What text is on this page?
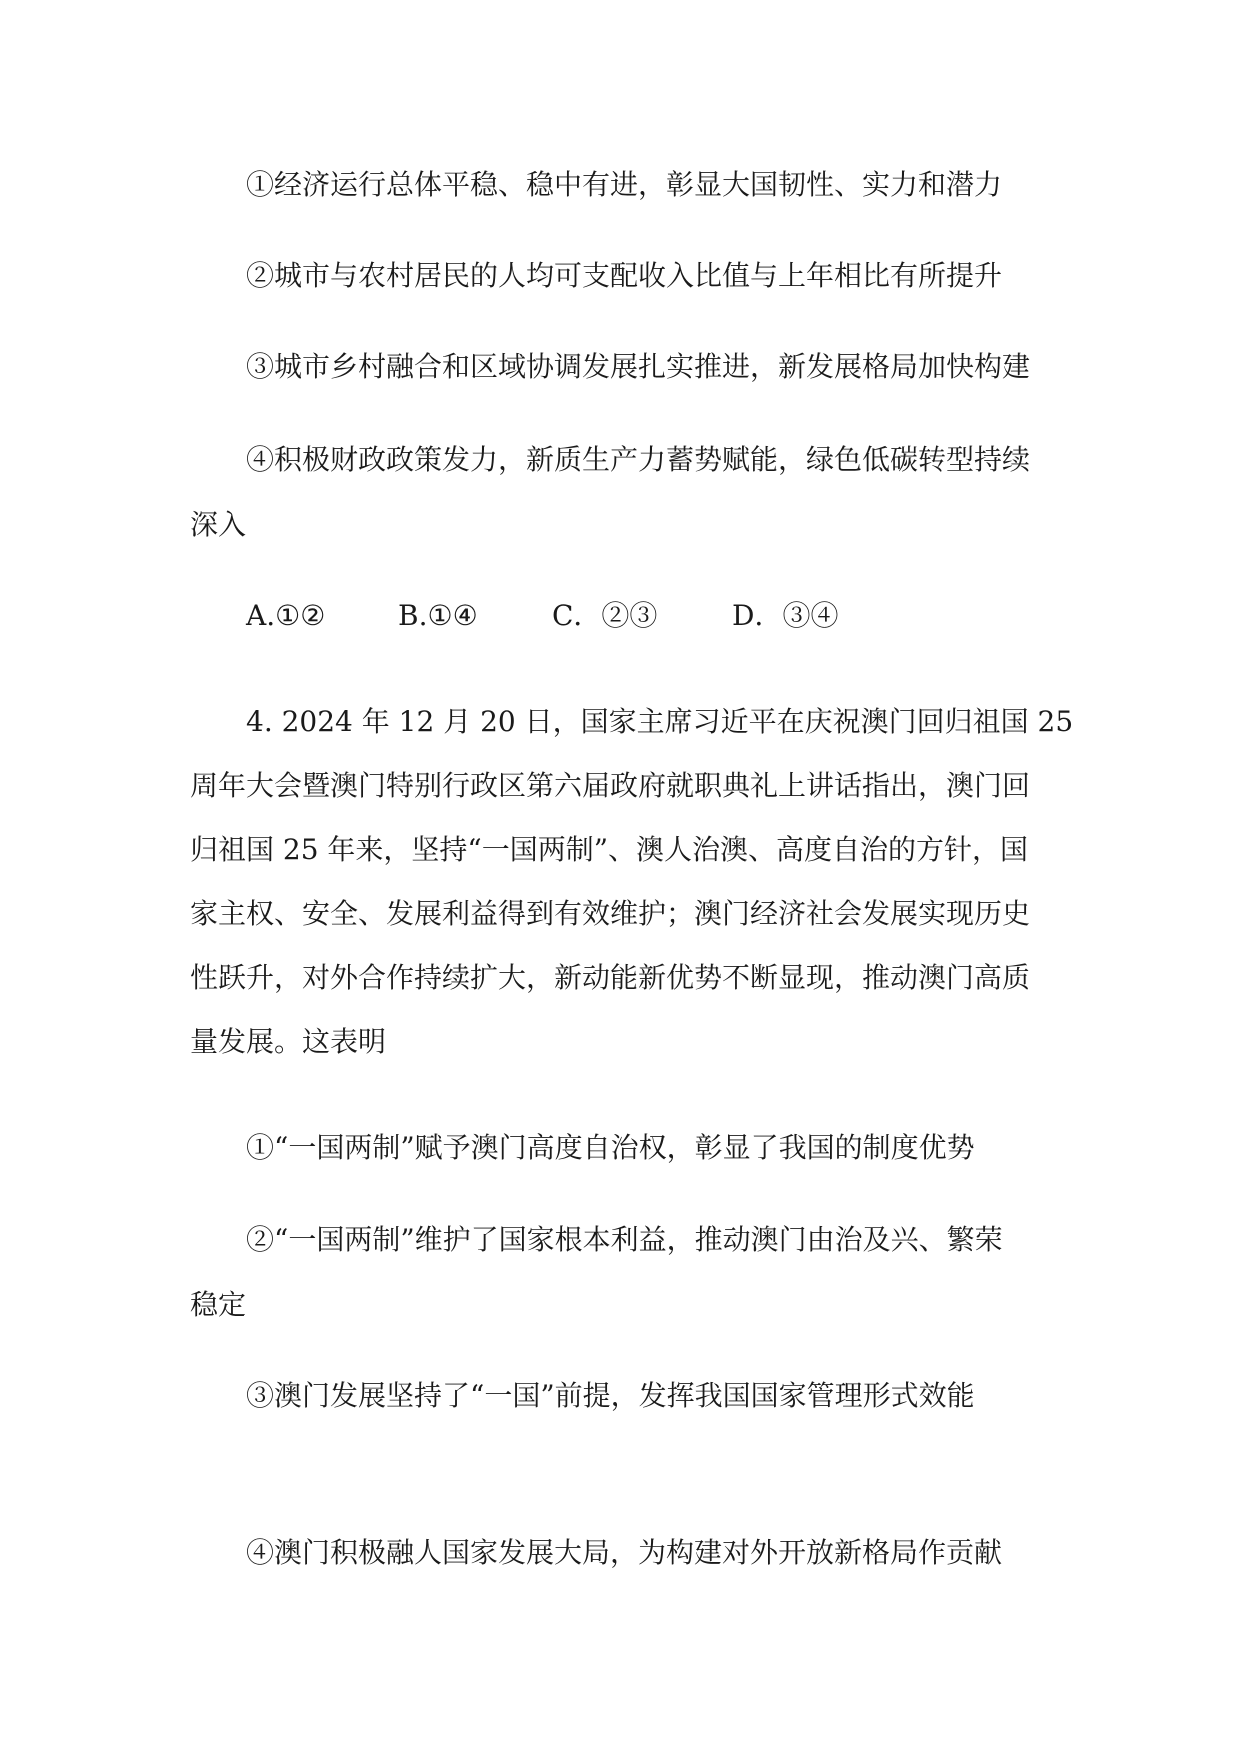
①经济运行总体平稳、稳中有进，彰显大国韧性、实力和潜力
②城市与农村居民的人均可支配收入比值与上年相比有所提升
③城市乡村融合和区域协调发展扎实推进，新发展格局加快构建
④积极财政政策发力，新质生产力蓄势赋能，绿色低碳转型持续
深入
A.①②	B.①④	C．②③	D．③④
4. 2024 年 12 月 20 日，国家主席习近平在庆祝澳门回归祖国 25
周年大会暨澳门特别行政区第六届政府就职典礼上讲话指出，澳门回
归祖国 25 年来，坚持“一国两制”、澳人治澳、高度自治的方针，国
家主权、安全、发展利益得到有效维护；澳门经济社会发展实现历史
性跃升，对外合作持续扩大，新动能新优势不断显现，推动澳门高质
量发展。这表明
①“一国两制”赋予澳门高度自治权，彰显了我国的制度优势
②“一国两制”维护了国家根本利益，推动澳门由治及兴、繁荣
稳定
③澳门发展坚持了“一国”前提，发挥我国国家管理形式效能
④澳门积极融人国家发展大局，为构建对外开放新格局作贡献
